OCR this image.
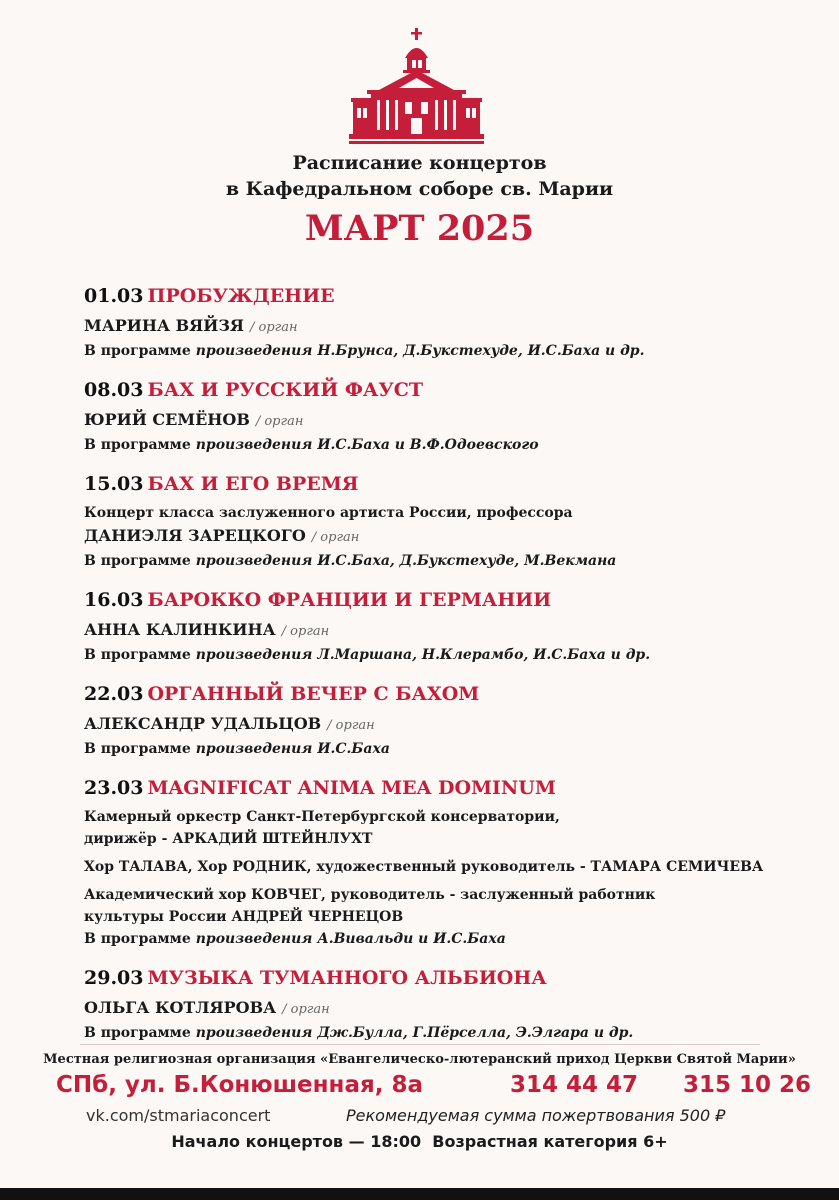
Расписание концертов
в Кафедральном соборе св. Марии
МАРТ 2025
01.03 ПРОБУЖДЕНИЕ
МАРИНА ВЯЙЗЯ / орган
В программе произведения Н.Брунса, Д.Букстехуде, И.С.Баха и др.
08.03 БАХ И РУССКИЙ ФАУСТ
ЮРИЙ СЕМЁНОВ / орган
В программе произведения И.С.Баха и В.Ф.Одоевского
15.03 БАХ И ЕГО ВРЕМЯ
Концерт класса заслуженного артиста России, профессора
ДАНИЭЛЯ ЗАРЕЦКОГО / орган
В программе произведения И.С.Баха, Д.Букстехуде, М.Векмана
16.03 БАРОККО ФРАНЦИИ И ГЕРМАНИИ
АННА КАЛИНКИНА / орган
В программе произведения Л.Маршана, Н.Клерамбо, И.С.Баха и др.
22.03 ОРГАННЫЙ ВЕЧЕР С БАХОМ
АЛЕКСАНДР УДАЛЬЦОВ / орган
В программе произведения И.С.Баха
23.03 MAGNIFICAT ANIMA MEA DOMINUM
Камерный оркестр Санкт-Петербургской консерватории,
дирижёр - АРКАДИЙ ШТЕЙНЛУХТ
Хор ТАЛАВА, Хор РОДНИК, художественный руководитель - ТАМАРА СЕМИЧЕВА
Академический хор КОВЧЕГ, руководитель - заслуженный работник
культуры России АНДРЕЙ ЧЕРНЕЦОВ
В программе произведения А.Вивальди и И.С.Баха
29.03 МУЗЫКА ТУМАННОГО АЛЬБИОНА
ОЛЬГА КОТЛЯРОВА / орган
В программе произведения Дж.Булла, Г.Пёрселла, Э.Элгара и др.
Местная религиозная организация «Евангелическо-лютеранский приход Церкви Святой Марии»
СПб, ул. Б.Конюшенная, 8а	314 44 47 315 10 26
vk.com/stmariaconcert	Рекомендуемая сумма пожертвования 500 ₽
Начало концертов — 18:00 Возрастная категория 6+
